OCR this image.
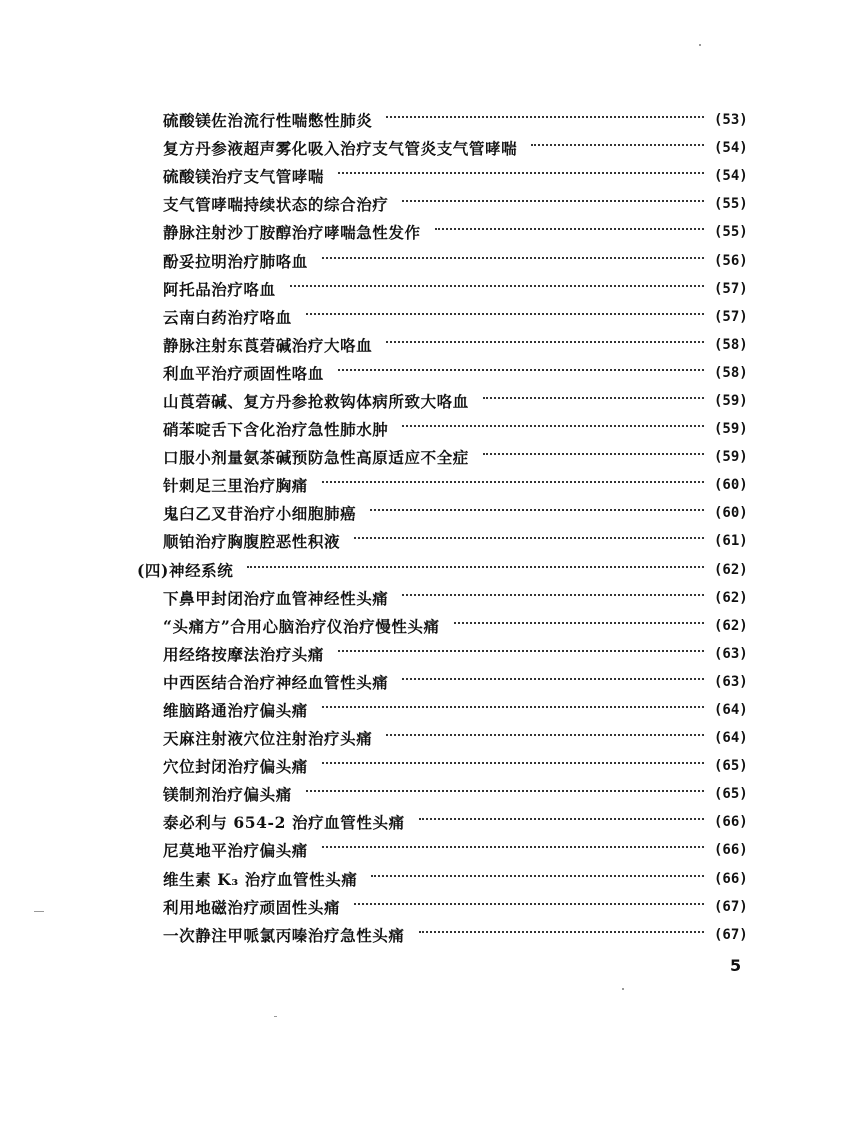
硫酸镁佐治流行性喘憋性肺炎	(53)
复方丹参液超声雾化吸入治疗支气管炎支气管哮喘	(54)
硫酸镁治疗支气管哮喘	(54)
支气管哮喘持续状态的综合治疗	(55)
静脉注射沙丁胺醇治疗哮喘急性发作	(55)
酚妥拉明治疗肺咯血	(56)
阿托品治疗咯血	(57)
云南白药治疗咯血	(57)
静脉注射东莨菪碱治疗大咯血	(58)
利血平治疗顽固性咯血	(58)
山莨菪碱、复方丹参抢救钩体病所致大咯血	(59)
硝苯啶舌下含化治疗急性肺水肿	(59)
口服小剂量氨茶碱预防急性高原适应不全症	(59)
针刺足三里治疗胸痛	(60)
鬼臼乙叉苷治疗小细胞肺癌	(60)
顺铂治疗胸腹腔恶性积液	(61)
(四)神经系统	(62)
下鼻甲封闭治疗血管神经性头痛	(62)
“头痛方”合用心脑治疗仪治疗慢性头痛	(62)
用经络按摩法治疗头痛	(63)
中西医结合治疗神经血管性头痛	(63)
维脑路通治疗偏头痛	(64)
天麻注射液穴位注射治疗头痛	(64)
穴位封闭治疗偏头痛	(65)
镁制剂治疗偏头痛	(65)
泰必利与 654-2 治疗血管性头痛	(66)
尼莫地平治疗偏头痛	(66)
维生素 K₃ 治疗血管性头痛	(66)
利用地磁治疗顽固性头痛	(67)
一次静注甲哌氯丙嗪治疗急性头痛	(67)
5
